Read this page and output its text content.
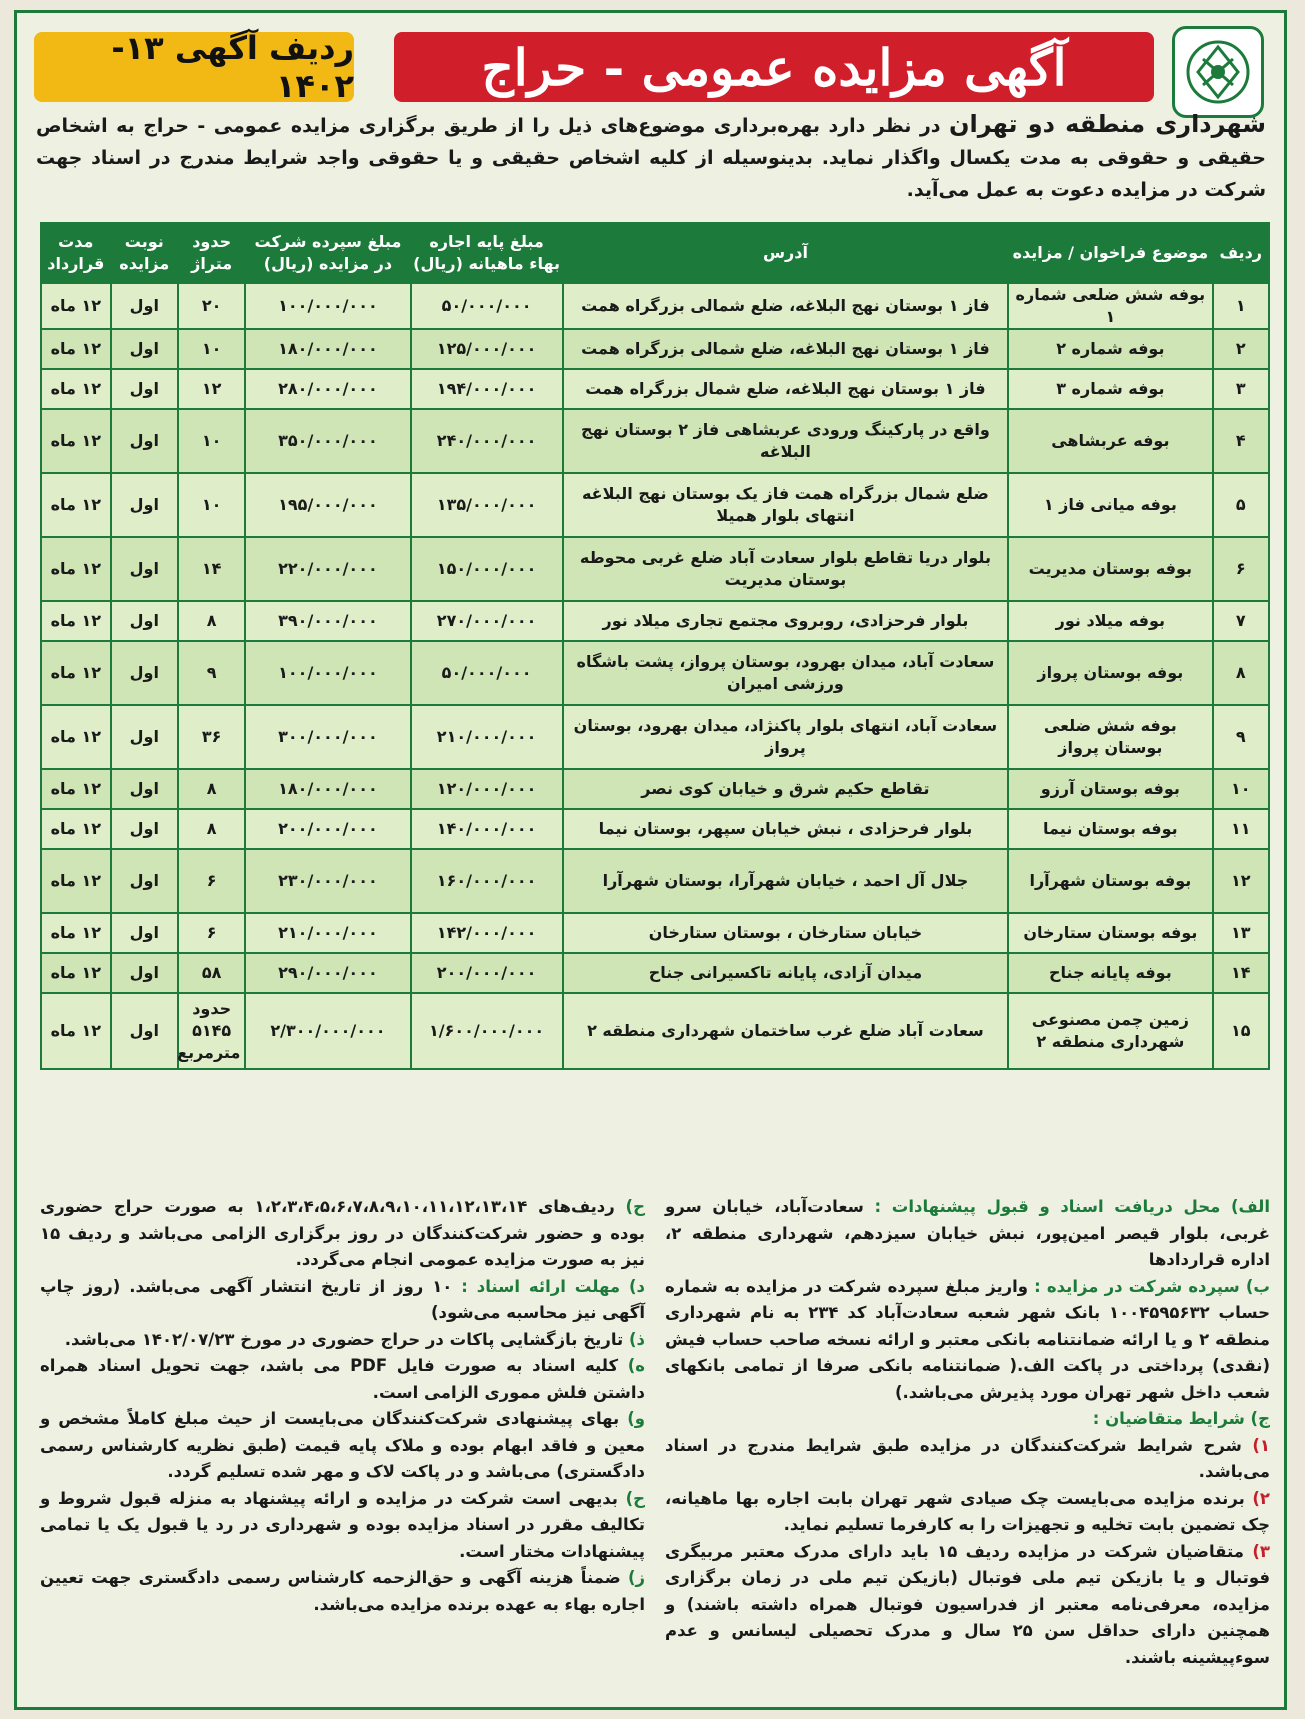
آگهی مزایده عمومی - حراج
ردیف آگهی ۱۳- ۱۴۰۲
شهرداری منطقه دو تهران در نظر دارد بهره‌برداری موضوع‌های ذیل را از طریق برگزاری مزایده عمومی - حراج به اشخاص حقیقی و حقوقی به مدت یکسال واگذار نماید. بدینوسیله از کلیه اشخاص حقیقی و یا حقوقی واجد شرایط مندرج در اسناد جهت شرکت در مزایده دعوت به عمل می‌آید.
ردیف	موضوع فراخوان / مزایده	آدرس	مبلغ پایه اجاره بهاء ماهیانه (ریال)	مبلغ سپرده شرکت در مزایده (ریال)	حدود متراژ	نوبت مزایده	مدت قرارداد
۱	بوفه شش ضلعی شماره ۱	فاز ۱ بوستان نهج البلاغه، ضلع شمالی بزرگراه همت	۵۰/۰۰۰/۰۰۰	۱۰۰/۰۰۰/۰۰۰	۲۰	اول	۱۲ ماه
۲	بوفه شماره ۲	فاز ۱ بوستان نهج البلاغه، ضلع شمالی بزرگراه همت	۱۲۵/۰۰۰/۰۰۰	۱۸۰/۰۰۰/۰۰۰	۱۰	اول	۱۲ ماه
۳	بوفه شماره ۳	فاز ۱ بوستان نهج البلاغه، ضلع شمال بزرگراه همت	۱۹۴/۰۰۰/۰۰۰	۲۸۰/۰۰۰/۰۰۰	۱۲	اول	۱۲ ماه
۴	بوفه عربشاهی	واقع در پارکینگ ورودی عربشاهی فاز ۲ بوستان نهج البلاغه	۲۴۰/۰۰۰/۰۰۰	۳۵۰/۰۰۰/۰۰۰	۱۰	اول	۱۲ ماه
۵	بوفه میانی فاز ۱	ضلع شمال بزرگراه همت فاز یک بوستان نهج البلاغه انتهای بلوار همیلا	۱۳۵/۰۰۰/۰۰۰	۱۹۵/۰۰۰/۰۰۰	۱۰	اول	۱۲ ماه
۶	بوفه بوستان مدیریت	بلوار دریا تقاطع بلوار سعادت آباد ضلع غربی محوطه بوستان مدیریت	۱۵۰/۰۰۰/۰۰۰	۲۲۰/۰۰۰/۰۰۰	۱۴	اول	۱۲ ماه
۷	بوفه میلاد نور	بلوار فرحزادی، روبروی مجتمع تجاری میلاد نور	۲۷۰/۰۰۰/۰۰۰	۳۹۰/۰۰۰/۰۰۰	۸	اول	۱۲ ماه
۸	بوفه بوستان پرواز	سعادت آباد، میدان بهرود، بوستان پرواز، پشت باشگاه ورزشی امیران	۵۰/۰۰۰/۰۰۰	۱۰۰/۰۰۰/۰۰۰	۹	اول	۱۲ ماه
۹	بوفه شش ضلعی بوستان پرواز	سعادت آباد، انتهای بلوار پاکنژاد، میدان بهرود، بوستان پرواز	۲۱۰/۰۰۰/۰۰۰	۳۰۰/۰۰۰/۰۰۰	۳۶	اول	۱۲ ماه
۱۰	بوفه بوستان آرزو	تقاطع حکیم شرق و خیابان کوی نصر	۱۲۰/۰۰۰/۰۰۰	۱۸۰/۰۰۰/۰۰۰	۸	اول	۱۲ ماه
۱۱	بوفه بوستان نیما	بلوار فرحزادی ، نبش خیابان سپهر، بوستان نیما	۱۴۰/۰۰۰/۰۰۰	۲۰۰/۰۰۰/۰۰۰	۸	اول	۱۲ ماه
۱۲	بوفه بوستان شهرآرا	جلال آل احمد ، خیابان شهرآرا، بوستان شهرآرا	۱۶۰/۰۰۰/۰۰۰	۲۳۰/۰۰۰/۰۰۰	۶	اول	۱۲ ماه
۱۳	بوفه بوستان ستارخان	خیابان ستارخان ، بوستان ستارخان	۱۴۲/۰۰۰/۰۰۰	۲۱۰/۰۰۰/۰۰۰	۶	اول	۱۲ ماه
۱۴	بوفه پایانه جناح	میدان آزادی، پایانه تاکسیرانی جناح	۲۰۰/۰۰۰/۰۰۰	۲۹۰/۰۰۰/۰۰۰	۵۸	اول	۱۲ ماه
۱۵	زمین چمن مصنوعی شهرداری منطقه ۲	سعادت آباد ضلع غرب ساختمان شهرداری منطقه ۲	۱/۶۰۰/۰۰۰/۰۰۰	۲/۳۰۰/۰۰۰/۰۰۰	حدود ۵۱۴۵ مترمربع	اول	۱۲ ماه

الف) محل دریافت اسناد و قبول پیشنهادات : سعادت‌آباد، خیابان سرو غربی، بلوار قیصر امین‌پور، نبش خیابان سیزدهم، شهرداری منطقه ۲، اداره قراردادها

ب) سپرده شرکت در مزایده : واریز مبلغ سپرده شرکت در مزایده به شماره حساب ۱۰۰۴۵۹۵۶۳۲ بانک شهر شعبه سعادت‌آباد کد ۲۳۴ به نام شهرداری منطقه ۲ و یا ارائه ضمانتنامه بانکی معتبر و ارائه نسخه صاحب حساب فیش (نقدی) پرداختی در پاکت الف.( ضمانتنامه بانکی صرفا از تمامی بانکهای شعب داخل شهر تهران مورد پذیرش می‌باشد.)

ج) شرایط متقاضیان :

۱) شرح شرایط شرکت‌کنندگان در مزایده طبق شرایط مندرج در اسناد می‌باشد.

۲) برنده مزایده می‌بایست چک صیادی شهر تهران بابت اجاره بها ماهیانه، چک تضمین بابت تخلیه و تجهیزات را به کارفرما تسلیم نماید.

۳) متقاضیان شرکت در مزایده ردیف ۱۵ باید دارای مدرک معتبر مربیگری فوتبال و یا بازیکن تیم ملی فوتبال (بازیکن تیم ملی در زمان برگزاری مزایده، معرفی‌نامه معتبر از فدراسیون فوتبال همراه داشته باشند) و همچنین دارای حداقل سن ۲۵ سال و مدرک تحصیلی لیسانس و عدم سوءپیشینه باشند.

ح) ردیف‌های ۱،۲،۳،۴،۵،۶،۷،۸،۹،۱۰،۱۱،۱۲،۱۳،۱۴ به صورت حراج حضوری بوده و حضور شرکت‌کنندگان در روز برگزاری الزامی می‌باشد و ردیف ۱۵ نیز به صورت مزایده عمومی انجام می‌گردد.

د) مهلت ارائه اسناد : ۱۰ روز از تاریخ انتشار آگهی می‌باشد. (روز چاپ آگهی نیز محاسبه می‌شود)

ذ) تاریخ بازگشایی پاکات در حراج حضوری در مورخ ۱۴۰۲/۰۷/۲۳ می‌باشد.

ه) کلیه اسناد به صورت فایل PDF می باشد، جهت تحویل اسناد همراه داشتن فلش مموری الزامی است.

و) بهای پیشنهادی شرکت‌کنندگان می‌بایست از حیث مبلغ کاملاً مشخص و معین و فاقد ابهام بوده و ملاک پایه قیمت (طبق نظریه کارشناس رسمی دادگستری) می‌باشد و در پاکت لاک و مهر شده تسلیم گردد.

ح) بدیهی است شرکت در مزایده و ارائه پیشنهاد به منزله قبول شروط و تکالیف مقرر در اسناد مزایده بوده و شهرداری در رد یا قبول یک یا تمامی پیشنهادات مختار است.

ز) ضمناً هزینه آگهی و حق‌الزحمه کارشناس رسمی دادگستری جهت تعیین اجاره بهاء به عهده برنده مزایده می‌باشد.
